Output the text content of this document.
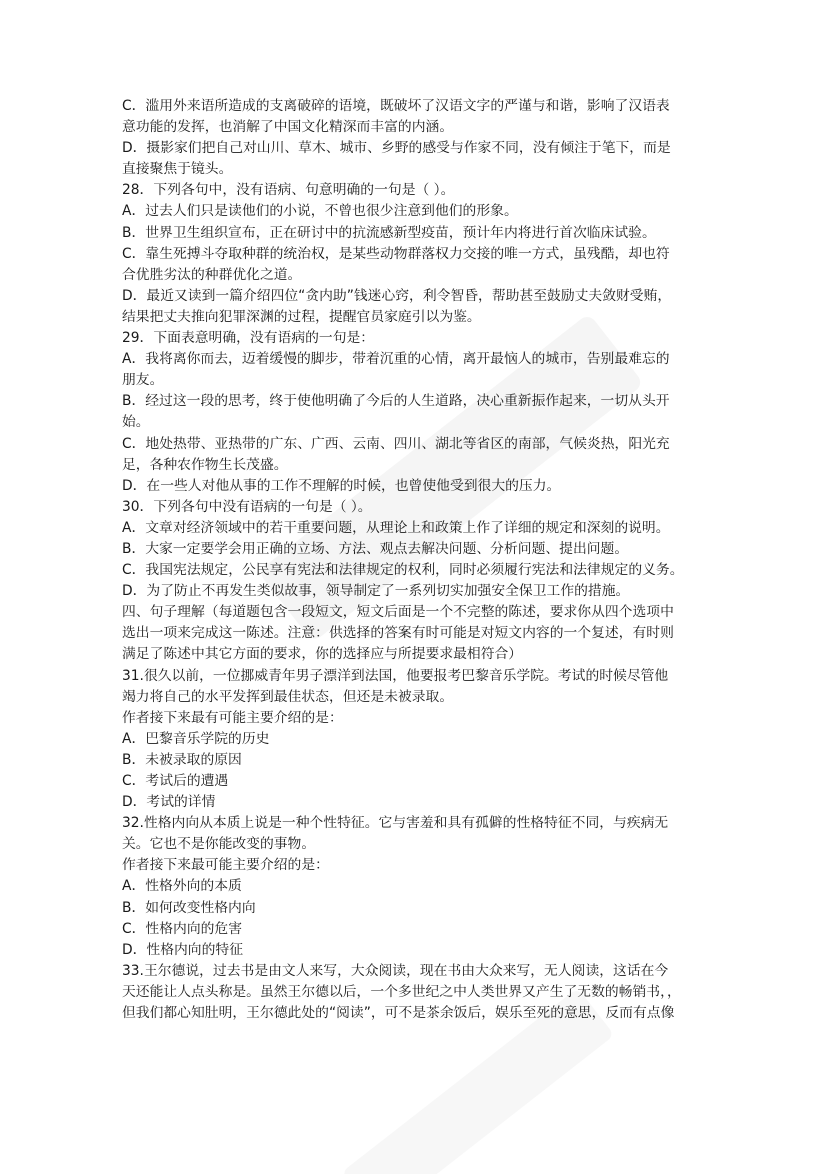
C．滥用外来语所造成的支离破碎的语境，既破坏了汉语文字的严谨与和谐，影响了汉语表
意功能的发挥，也消解了中国文化精深而丰富的内涵。
D．摄影家们把自己对山川、草木、城市、乡野的感受与作家不同，没有倾注于笔下，而是
直接聚焦于镜头。
28．下列各句中，没有语病、句意明确的一句是（ ）。
A．过去人们只是读他们的小说，不曾也很少注意到他们的形象。
B．世界卫生组织宣布，正在研讨中的抗流感新型疫苗，预计年内将进行首次临床试验。
C．靠生死搏斗夺取种群的统治权，是某些动物群落权力交接的唯一方式，虽残酷，却也符
合优胜劣汰的种群优化之道。
D．最近又读到一篇介绍四位“贪内助”钱迷心窍，利令智昏，帮助甚至鼓励丈夫敛财受贿，
结果把丈夫推向犯罪深渊的过程，提醒官员家庭引以为鉴。
29．下面表意明确，没有语病的一句是：
A．我将离你而去，迈着缓慢的脚步，带着沉重的心情，离开最恼人的城市，告别最难忘的
朋友。
B．经过这一段的思考，终于使他明确了今后的人生道路，决心重新振作起来，一切从头开
始。
C．地处热带、亚热带的广东、广西、云南、四川、湖北等省区的南部，气候炎热，阳光充
足，各种农作物生长茂盛。
D．在一些人对他从事的工作不理解的时候，也曾使他受到很大的压力。
30．下列各句中没有语病的一句是（ ）。
A．文章对经济领域中的若干重要问题，从理论上和政策上作了详细的规定和深刻的说明。
B．大家一定要学会用正确的立场、方法、观点去解决问题、分析问题、提出问题。
C．我国宪法规定，公民享有宪法和法律规定的权利，同时必须履行宪法和法律规定的义务。
D．为了防止不再发生类似故事，领导制定了一系列切实加强安全保卫工作的措施。
四、句子理解（每道题包含一段短文，短文后面是一个不完整的陈述，要求你从四个选项中
选出一项来完成这一陈述。注意：供选择的答案有时可能是对短文内容的一个复述，有时则
满足了陈述中其它方面的要求，你的选择应与所提要求最相符合）
31.很久以前，一位挪威青年男子漂洋到法国，他要报考巴黎音乐学院。考试的时候尽管他
竭力将自己的水平发挥到最佳状态，但还是未被录取。
作者接下来最有可能主要介绍的是：
A．巴黎音乐学院的历史
B．未被录取的原因
C．考试后的遭遇
D．考试的详情
32.性格内向从本质上说是一种个性特征。它与害羞和具有孤僻的性格特征不同，与疾病无
关。它也不是你能改变的事物。
作者接下来最可能主要介绍的是：
A．性格外向的本质
B．如何改变性格内向
C．性格内向的危害
D．性格内向的特征
33.王尔德说，过去书是由文人来写，大众阅读，现在书由大众来写，无人阅读，这话在今
天还能让人点头称是。虽然王尔德以后，一个多世纪之中人类世界又产生了无数的畅销书，，
但我们都心知肚明，王尔德此处的“阅读”，可不是茶余饭后，娱乐至死的意思，反而有点像
